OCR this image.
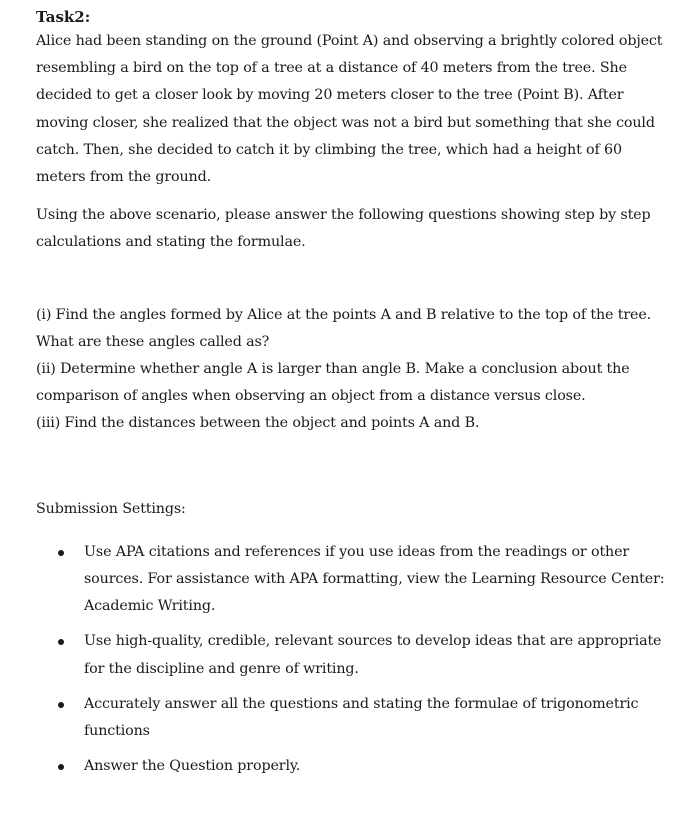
Task2:

Alice had been standing on the ground (Point A) and observing a brightly colored object resembling a bird on the top of a tree at a distance of 40 meters from the tree. She decided to get a closer look by moving 20 meters closer to the tree (Point B). After moving closer, she realized that the object was not a bird but something that she could catch. Then, she decided to catch it by climbing the tree, which had a height of 60 meters from the ground.

Using the above scenario, please answer the following questions showing step by step calculations and stating the formulae.

(i) Find the angles formed by Alice at the points A and B relative to the top of the tree. What are these angles called as?
(ii) Determine whether angle A is larger than angle B. Make a conclusion about the comparison of angles when observing an object from a distance versus close.
(iii) Find the distances between the object and points A and B.

Submission Settings:

Use APA citations and references if you use ideas from the readings or other sources. For assistance with APA formatting, view the Learning Resource Center: Academic Writing.
Use high-quality, credible, relevant sources to develop ideas that are appropriate for the discipline and genre of writing.
Accurately answer all the questions and stating the formulae of trigonometric functions
Answer the Question properly.
